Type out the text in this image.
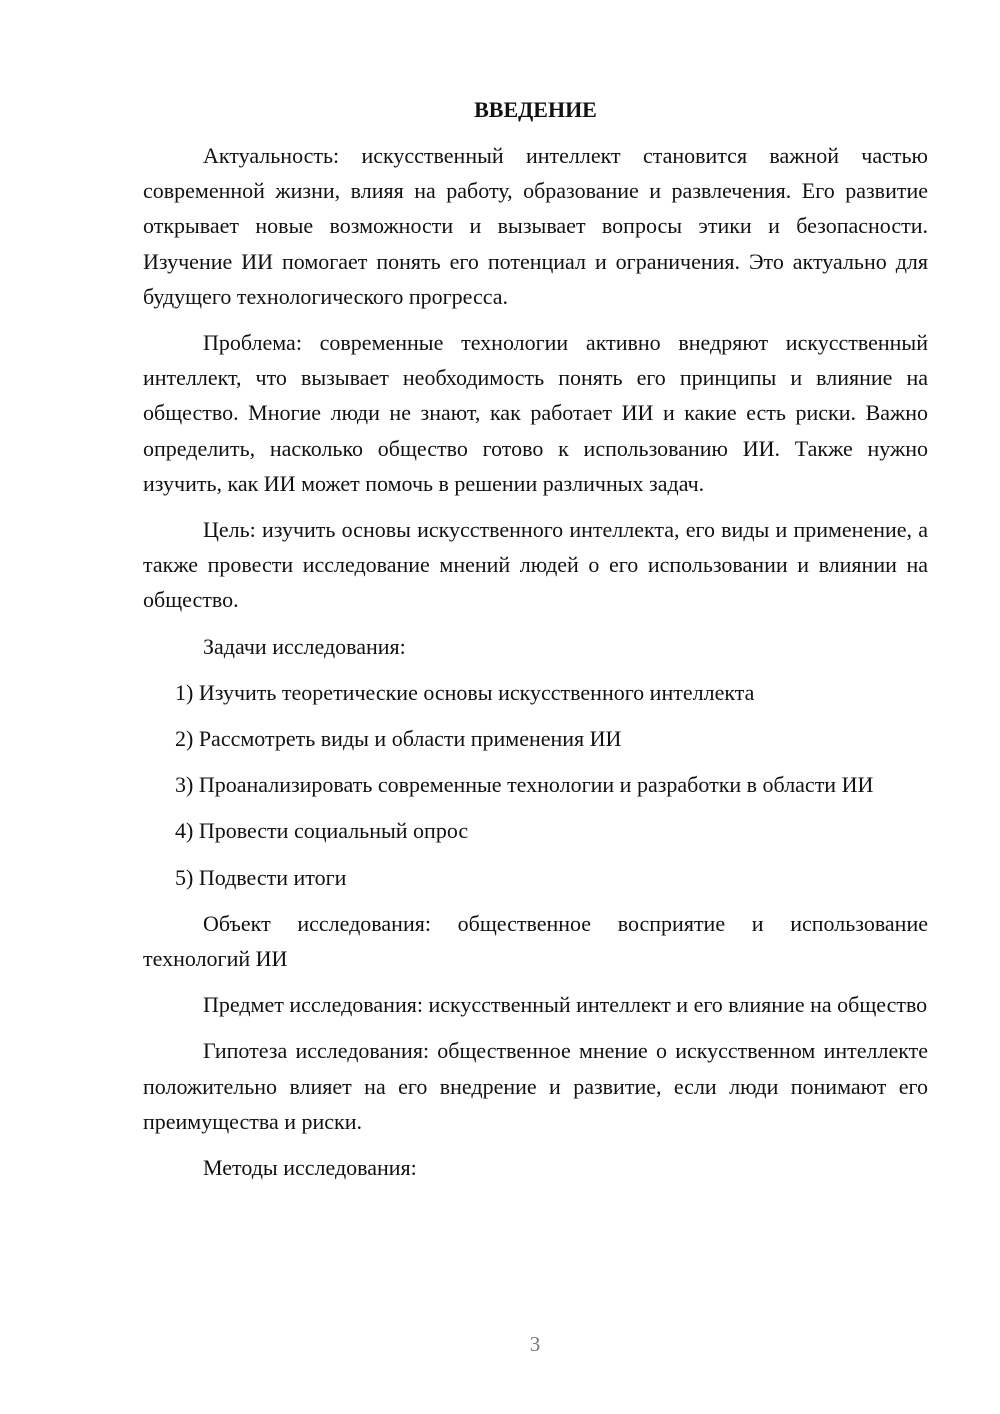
ВВЕДЕНИЕ

Актуальность: искусственный интеллект становится важной частью современной жизни, влияя на работу, образование и развлечения. Его развитие открывает новые возможности и вызывает вопросы этики и безопасности. Изучение ИИ помогает понять его потенциал и ограничения. Это актуально для будущего технологического прогресса.

Проблема: современные технологии активно внедряют искусственный интеллект, что вызывает необходимость понять его принципы и влияние на общество. Многие люди не знают, как работает ИИ и какие есть риски. Важно определить, насколько общество готово к использованию ИИ. Также нужно изучить, как ИИ может помочь в решении различных задач.

Цель: изучить основы искусственного интеллекта, его виды и применение, а также провести исследование мнений людей о его использовании и влиянии на общество.

Задачи исследования:

1) Изучить теоретические основы искусственного интеллекта

2) Рассмотреть виды и области применения ИИ

3) Проанализировать современные технологии и разработки в области ИИ

4) Провести социальный опрос

5) Подвести итоги

Объект исследования: общественное восприятие и использование технологий ИИ

Предмет исследования: искусственный интеллект и его влияние на общество

Гипотеза исследования: общественное мнение о искусственном интеллекте положительно влияет на его внедрение и развитие, если люди понимают его преимущества и риски.

Методы исследования:

3
